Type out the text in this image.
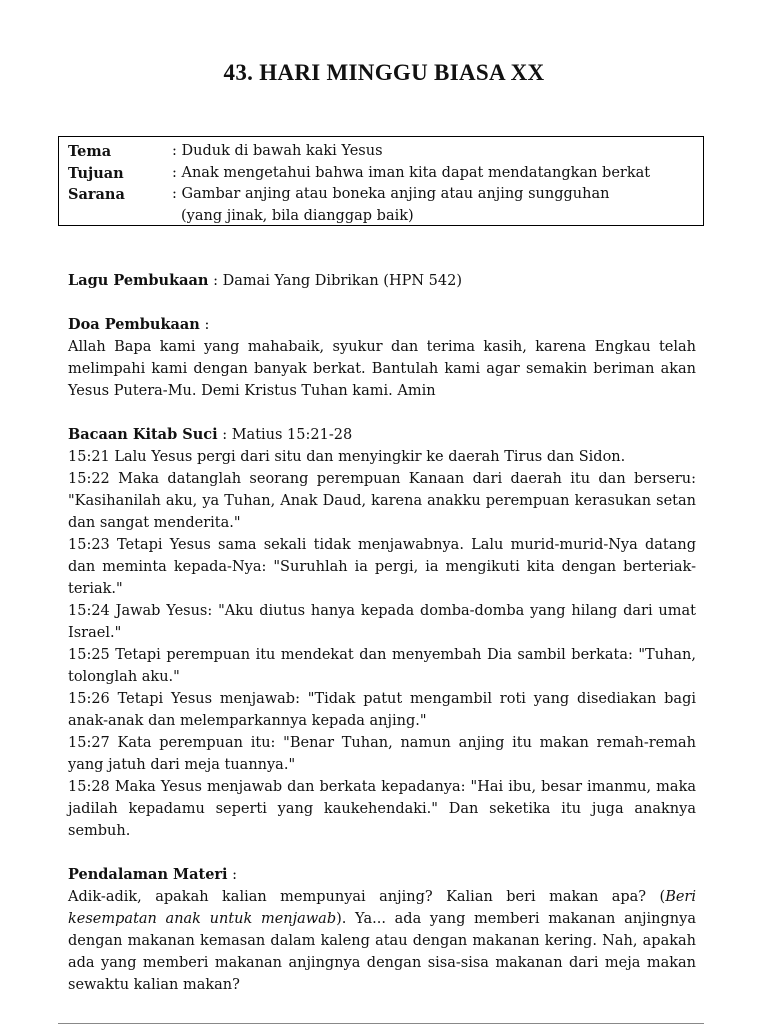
43. HARI MINGGU BIASA XX
Tema	: Duduk di bawah kaki Yesus
Tujuan	: Anak mengetahui bahwa iman kita dapat mendatangkan berkat
Sarana	: Gambar anjing atau boneka anjing atau anjing sungguhan
(yang jinak, bila dianggap baik)

Lagu Pembukaan : Damai Yang Dibrikan (HPN 542)

Doa Pembukaan :

Allah Bapa kami yang mahabaik, syukur dan terima kasih, karena Engkau telah melimpahi kami dengan banyak berkat. Bantulah kami agar semakin beriman akan Yesus Putera-Mu. Demi Kristus Tuhan kami. Amin

Bacaan Kitab Suci : Matius 15:21-28

15:21 Lalu Yesus pergi dari situ dan menyingkir ke daerah Tirus dan Sidon.

15:22 Maka datanglah seorang perempuan Kanaan dari daerah itu dan berseru: "Kasihanilah aku, ya Tuhan, Anak Daud, karena anakku perempuan kerasukan setan dan sangat menderita."

15:23 Tetapi Yesus sama sekali tidak menjawabnya. Lalu murid-murid-Nya datang dan meminta kepada-Nya: "Suruhlah ia pergi, ia mengikuti kita dengan berteriak-teriak."

15:24 Jawab Yesus: "Aku diutus hanya kepada domba-domba yang hilang dari umat Israel."

15:25 Tetapi perempuan itu mendekat dan menyembah Dia sambil berkata: "Tuhan, tolonglah aku."

15:26 Tetapi Yesus menjawab: "Tidak patut mengambil roti yang disediakan bagi anak-anak dan melemparkannya kepada anjing."

15:27 Kata perempuan itu: "Benar Tuhan, namun anjing itu makan remah-remah yang jatuh dari meja tuannya."

15:28 Maka Yesus menjawab dan berkata kepadanya: "Hai ibu, besar imanmu, maka jadilah kepadamu seperti yang kaukehendaki." Dan seketika itu juga anaknya sembuh.

Pendalaman Materi :

Adik-adik, apakah kalian mempunyai anjing? Kalian beri makan apa? (Beri kesempatan anak untuk menjawab). Ya... ada yang memberi makanan anjingnya dengan makanan kemasan dalam kaleng atau dengan makanan kering. Nah, apakah ada yang memberi makanan anjingnya dengan sisa-sisa makanan dari meja makan sewaktu kalian makan?
